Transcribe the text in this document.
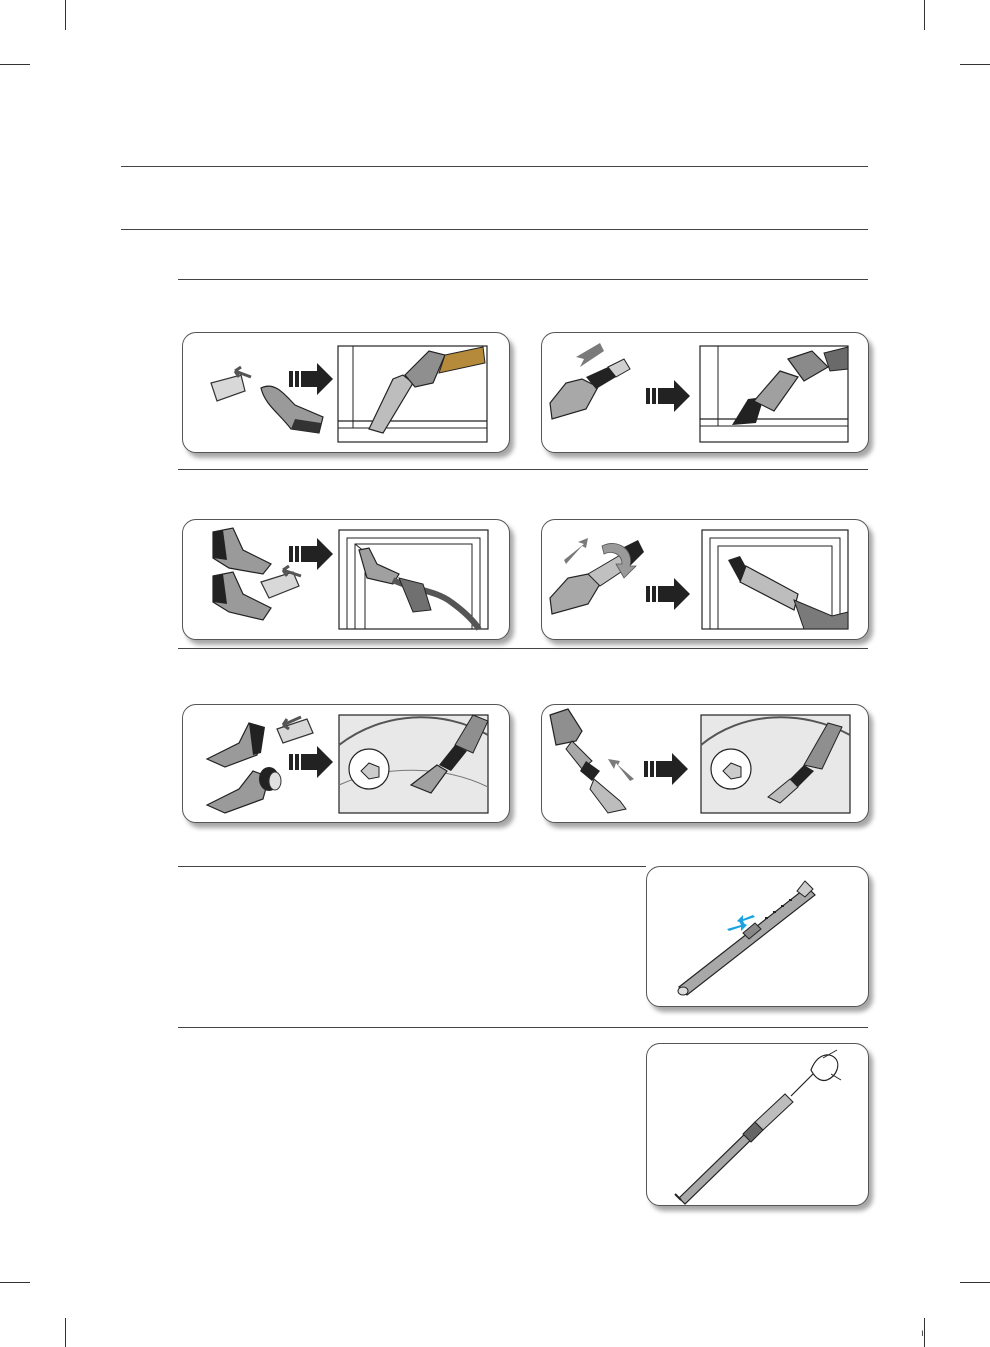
ı
